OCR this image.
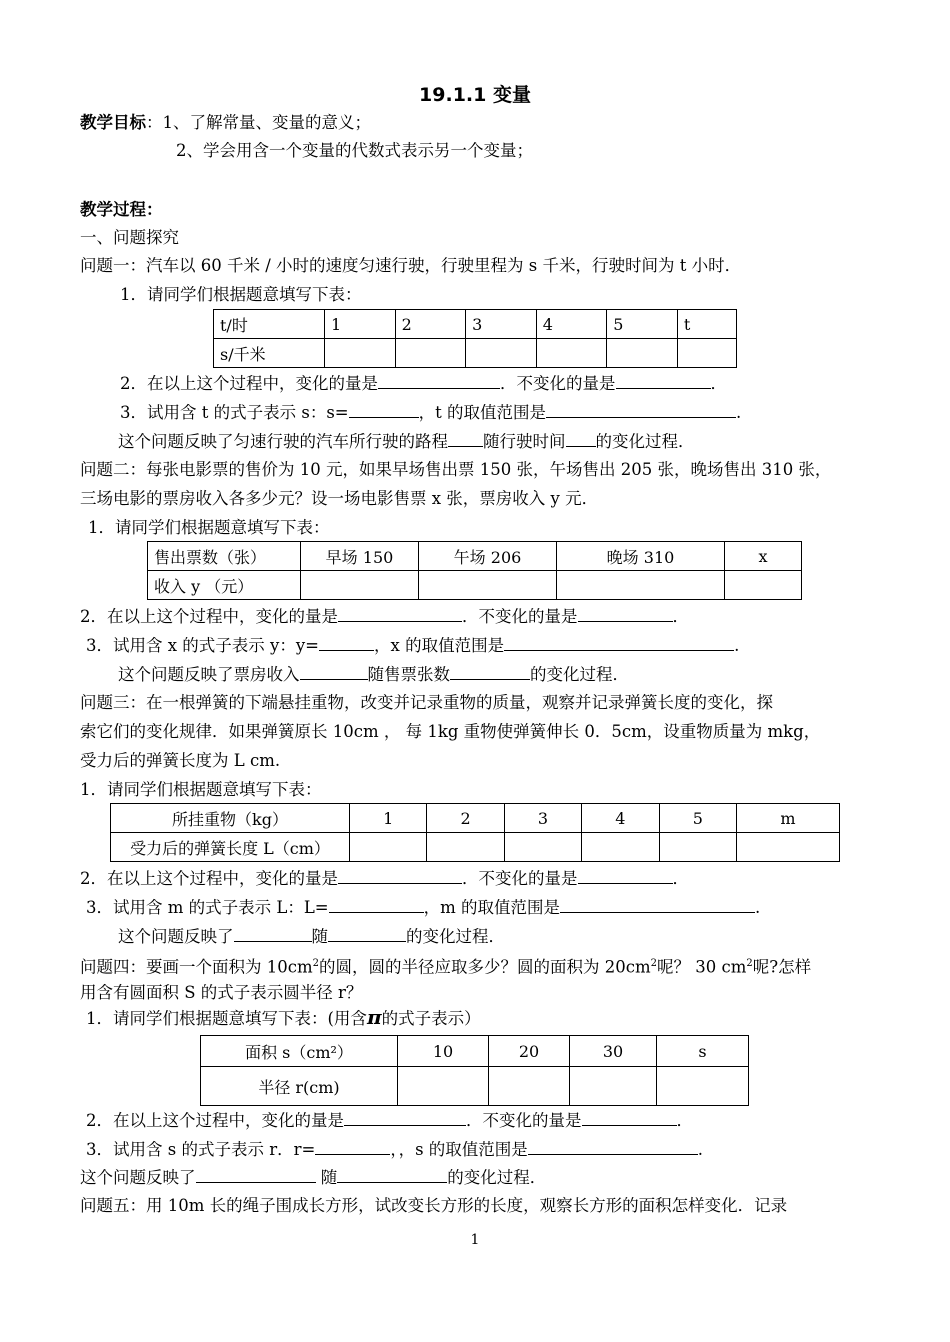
19.1.1 变量
教学目标：1、了解常量、变量的意义；
2、学会用含一个变量的代数式表示另一个变量；
教学过程：
一、问题探究
问题一：汽车以 60 千米 / 小时的速度匀速行驶，行驶里程为 s 千米，行驶时间为 t 小时．
1．请同学们根据题意填写下表：
t/时	1	2	3	4	5	t
s/千米						
2．在以上这个过程中，变化的量是	．不变化的量是	．
3．试用含 t 的式子表示 s：s=	，t 的取值范围是	.
这个问题反映了匀速行驶的汽车所行驶的路程 随行驶时间 的变化过程．
问题二：每张电影票的售价为 10 元，如果早场售出票 150 张，午场售出 205 张，晚场售出 310 张，
三场电影的票房收入各多少元？设一场电影售票 x 张，票房收入 y 元．
1．请同学们根据题意填写下表：
售出票数（张）	早场 150	午场 206	晚场 310	x
收入 y （元）				
2．在以上这个过程中，变化的量是	．不变化的量是	．
3．试用含 x 的式子表示 y：y=	，x 的取值范围是	.
这个问题反映了票房收入	随售票张数	的变化过程．
问题三：在一根弹簧的下端悬挂重物，改变并记录重物的质量，观察并记录弹簧长度的变化，探
索它们的变化规律．如果弹簧原长 10cm ， 每 1kg 重物使弹簧伸长 0．5cm，设重物质量为 mkg，
受力后的弹簧长度为 L cm.
1．请同学们根据题意填写下表：
所挂重物（kg）	1	2	3	4	5	m
受力后的弹簧长度 L（cm）						
2．在以上这个过程中，变化的量是	．不变化的量是	．
3．试用含 m 的式子表示 L：L=	，m 的取值范围是	.
这个问题反映了	随	的变化过程．
问题四：要画一个面积为 $10cm^2$的圆，圆的半径应取多少？圆的面积为 $20cm^2$呢？ 30 $cm^2$呢?怎样
用含有圆面积 S 的式子表示圆半径 r？
1．请同学们根据题意填写下表：(用含π的式子表示）
面积 s（cm²）	10	20	30	s
半径 r(cm)				
2．在以上这个过程中，变化的量是	．不变化的量是	．
3．试用含 s 的式子表示 r．r=	，，s 的取值范围是	.
这个问题反映了	随	的变化过程．
问题五：用 10m 长的绳子围成长方形，试改变长方形的长度，观察长方形的面积怎样变化．记录
1
